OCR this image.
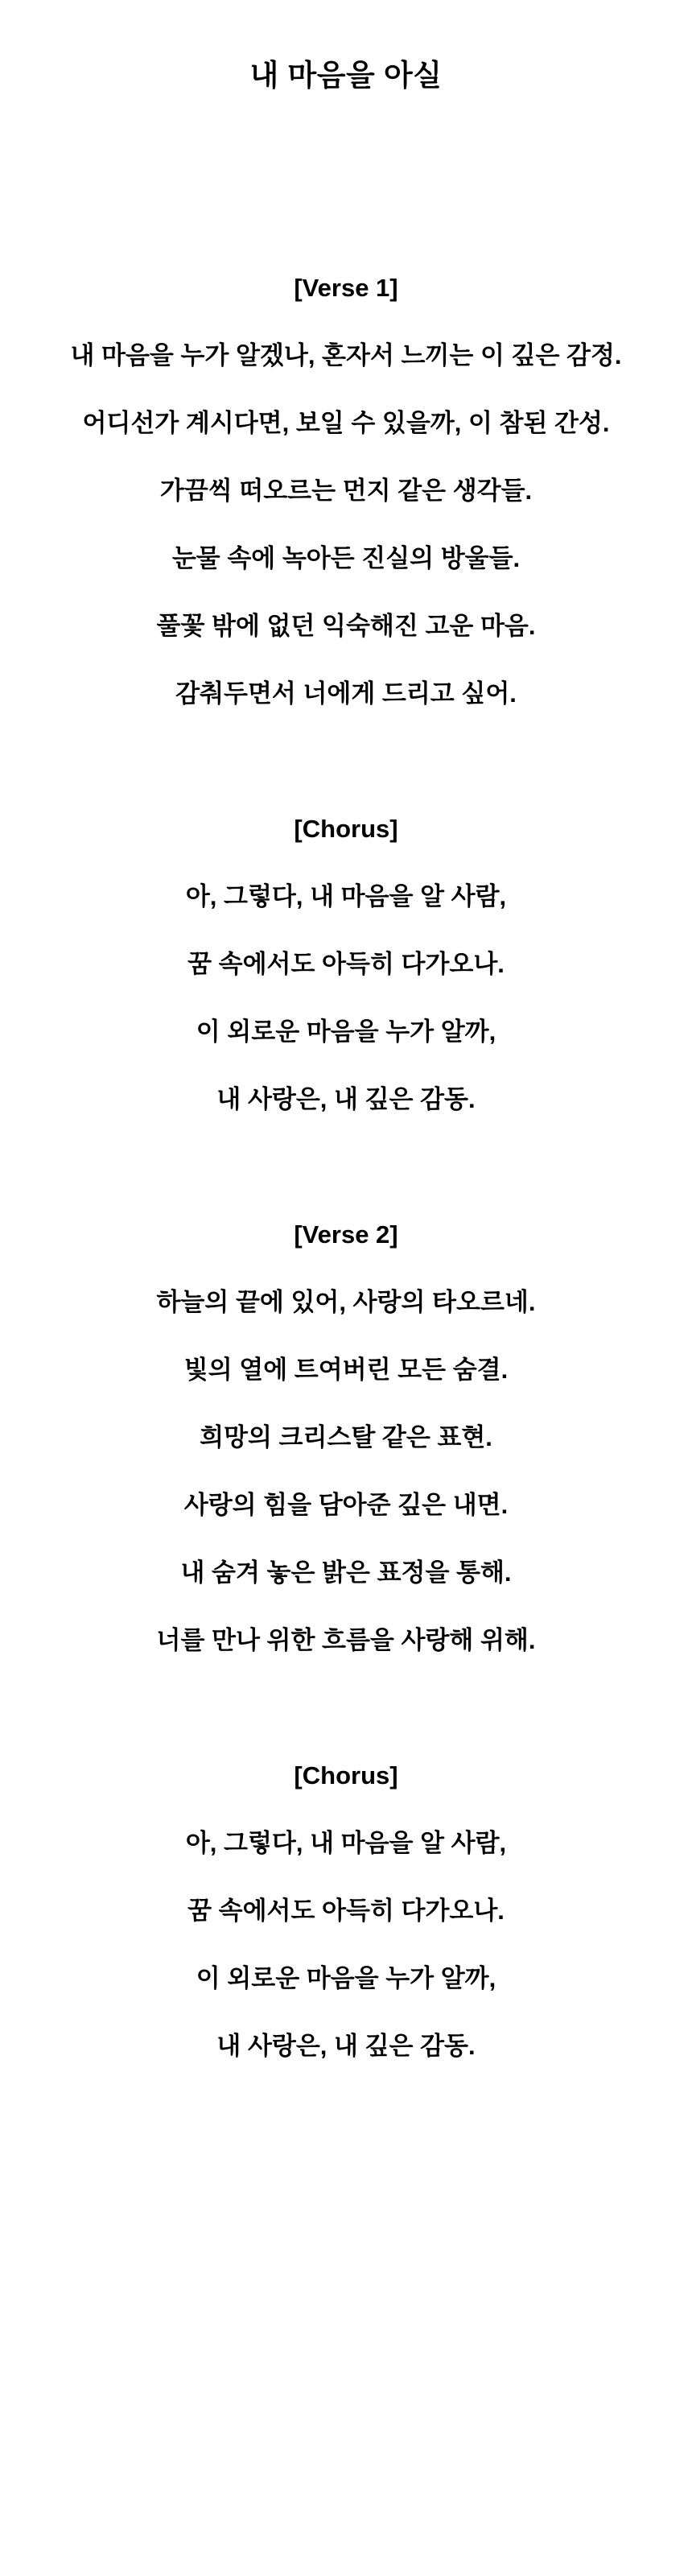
내 마음을 아실
[Verse 1]
내 마음을 누가 알겠나, 혼자서 느끼는 이 깊은 감정.
어디선가 계시다면, 보일 수 있을까, 이 참된 간성.
가끔씩 떠오르는 먼지 같은 생각들.
눈물 속에 녹아든 진실의 방울들.
풀꽃 밖에 없던 익숙해진 고운 마음.
감춰두면서 너에게 드리고 싶어.
[Chorus]
아, 그렇다, 내 마음을 알 사람,
꿈 속에서도 아득히 다가오나.
이 외로운 마음을 누가 알까,
내 사랑은, 내 깊은 감동.
[Verse 2]
하늘의 끝에 있어, 사랑의 타오르네.
빛의 열에 트여버린 모든 숨결.
희망의 크리스탈 같은 표현.
사랑의 힘을 담아준 깊은 내면.
내 숨겨 놓은 밝은 표정을 통해.
너를 만나 위한 흐름을 사랑해 위해.
[Chorus]
아, 그렇다, 내 마음을 알 사람,
꿈 속에서도 아득히 다가오나.
이 외로운 마음을 누가 알까,
내 사랑은, 내 깊은 감동.
